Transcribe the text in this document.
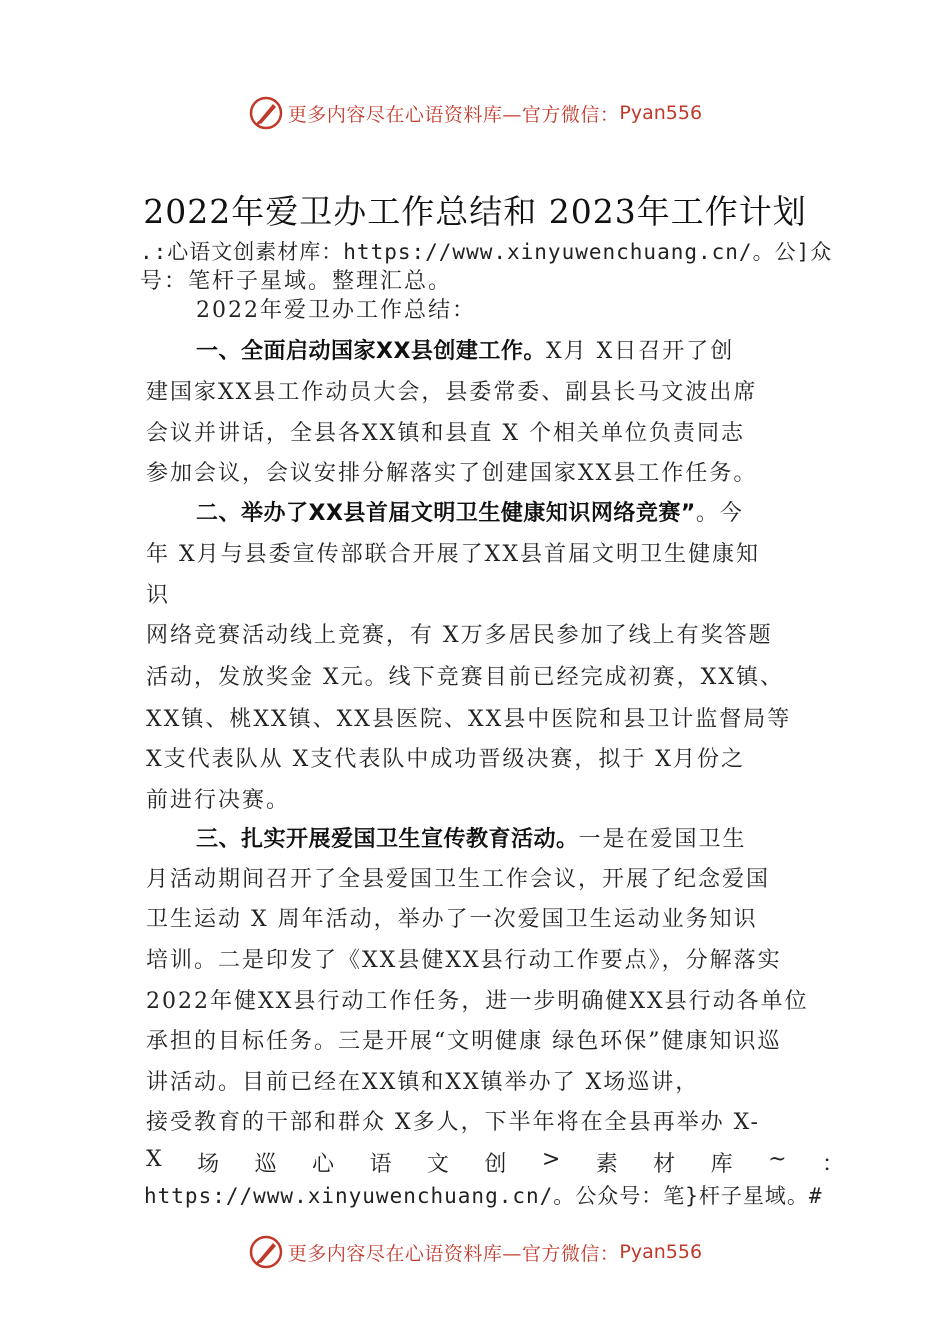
更多内容尽在心语资料库—官方微信： Pyan556
2022年爱卫办工作总结和 2023年工作计划
.:心语文创素材库：https://www.xinyuwenchuang.cn/。公]众
号：笔杆子星域。整理汇总。
2022年爱卫办工作总结：
一、全面启动国家XX县创建工作。X月 X日召开了创
建国家XX县工作动员大会，县委常委、副县长马文波出席
会议并讲话，全县各XX镇和县直 X 个相关单位负责同志
参加会议，会议安排分解落实了创建国家XX县工作任务。
二、举办了XX县首届文明卫生健康知识网络竞赛”。今
年 X月与县委宣传部联合开展了XX县首届文明卫生健康知
识
网络竞赛活动线上竞赛，有 X万多居民参加了线上有奖答题
活动，发放奖金 X元。线下竞赛目前已经完成初赛，XX镇、
XX镇、桃XX镇、XX县医院、XX县中医院和县卫计监督局等
X支代表队从 X支代表队中成功晋级决赛，拟于 X月份之
前进行决赛。
三、扎实开展爱国卫生宣传教育活动。一是在爱国卫生
月活动期间召开了全县爱国卫生工作会议，开展了纪念爱国
卫生运动 X 周年活动，举办了一次爱国卫生运动业务知识
培训。二是印发了《XX县健XX县行动工作要点》，分解落实
2022年健XX县行动工作任务，进一步明确健XX县行动各单位
承担的目标任务。三是开展“文明健康 绿色环保”健康知识巡
讲活动。目前已经在XX镇和XX镇举办了 X场巡讲，
接受教育的干部和群众 X多人，下半年将在全县再举办 X-
X 场 巡 心 语 文 创 > 素 材 库 ~ ：
https://www.xinyuwenchuang.cn/。公众号：笔}杆子星域。#
更多内容尽在心语资料库—官方微信： Pyan556
